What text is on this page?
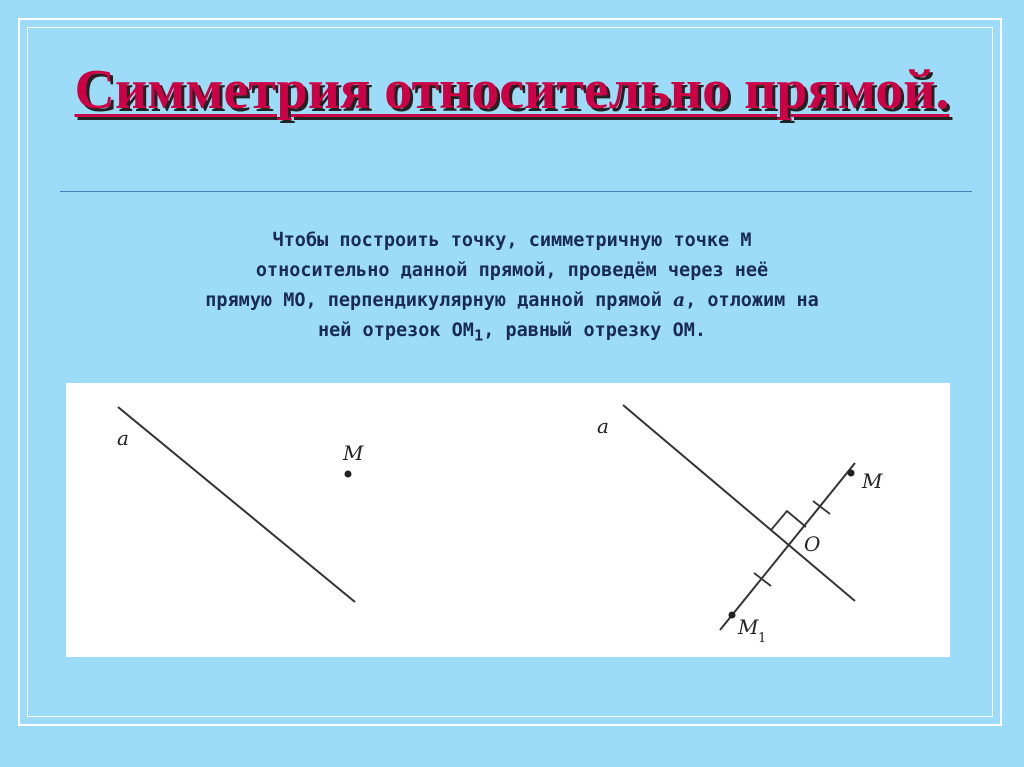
Симметрия относительно прямой.
Чтобы построить точку, симметричную точке М
относительно данной прямой, проведём через неё
прямую МО, перпендикулярную данной прямой а, отложим на
ней отрезок $ОМ_1$, равный отрезку ОМ.
a
M
a
M
O
M 1
